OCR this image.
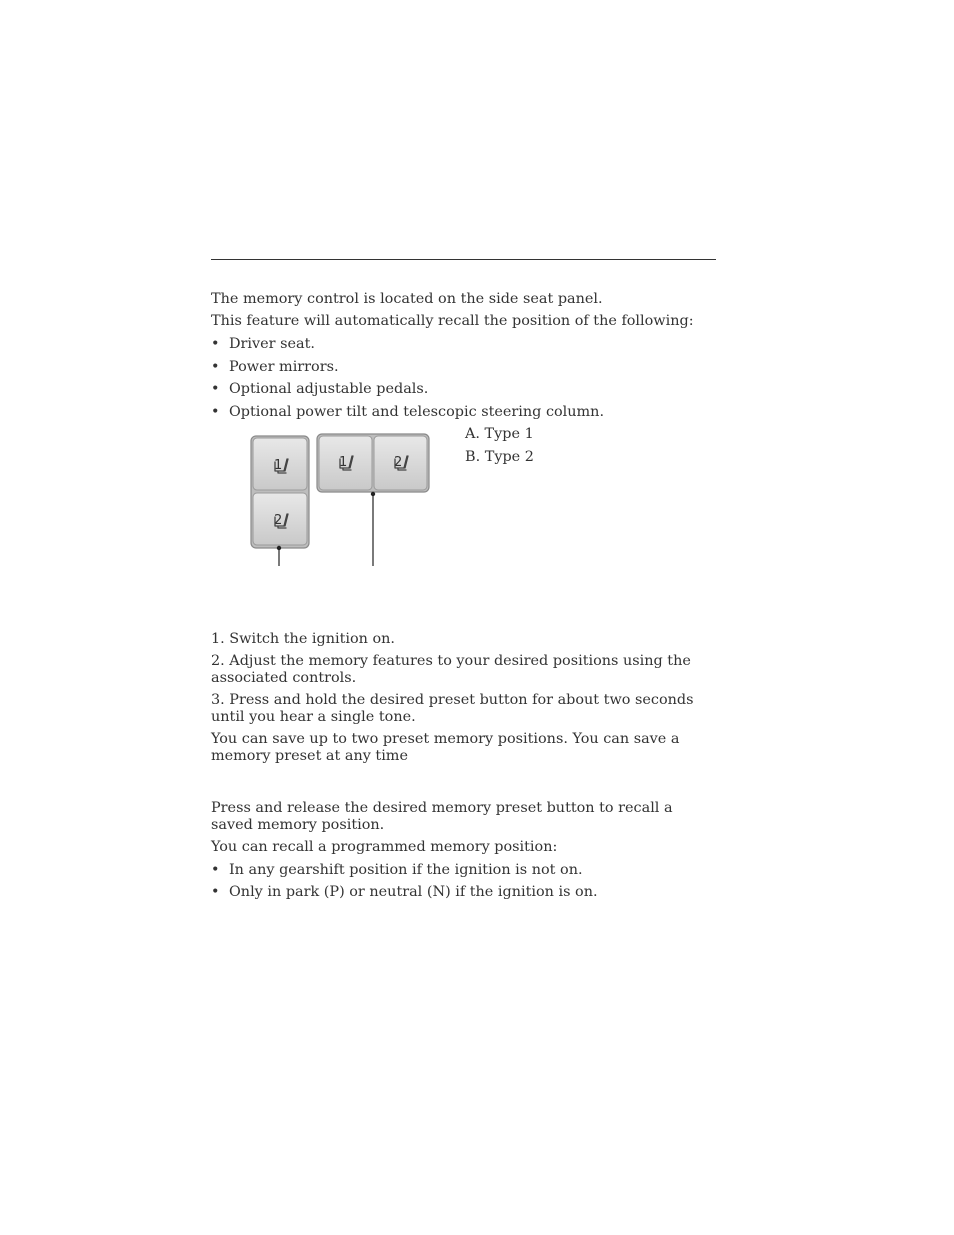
The memory control is located on the side seat panel.

This feature will automatically recall the position of the following:

• Driver seat.
• Power mirrors.
• Optional adjustable pedals.
• Optional power tilt and telescopic steering column.
1
2
1	2
A. Type 1
B. Type 2

1. Switch the ignition on.

2. Adjust the memory features to your desired positions using the associated controls.

3. Press and hold the desired preset button for about two seconds until you hear a single tone.

You can save up to two preset memory positions. You can save a memory preset at any time

Press and release the desired memory preset button to recall a saved memory position.

You can recall a programmed memory position:

• In any gearshift position if the ignition is not on.
• Only in park (P) or neutral (N) if the ignition is on.
